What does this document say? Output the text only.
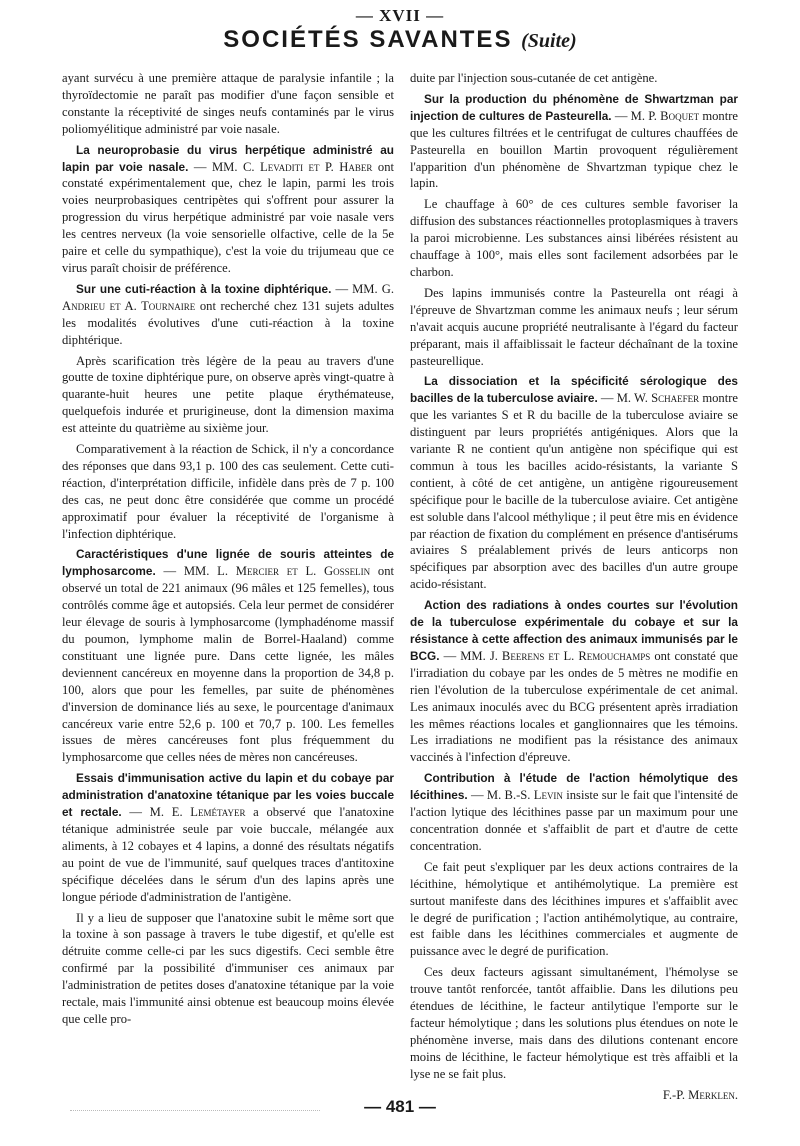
— XVII —
SOCIÉTÉS SAVANTES (Suite)

ayant survécu à une première attaque de paralysie infantile ; la thyroïdectomie ne paraît pas modifier d'une façon sensible et constante la réceptivité de singes neufs contaminés par le virus poliomyélitique administré par voie nasale.

La neuroprobasie du virus herpétique administré au lapin par voie nasale. — MM. C. Levaditi et P. Haber ont constaté expérimentalement que, chez le lapin, parmi les trois voies neurprobasiques centripètes qui s'offrent pour assurer la progression du virus herpétique administré par voie nasale vers les centres nerveux (la voie sensorielle olfactive, celle de la 5e paire et celle du sympathique), c'est la voie du trijumeau que ce virus paraît choisir de préférence.

Sur une cuti-réaction à la toxine diphtérique. — MM. G. Andrieu et A. Tournaire ont recherché chez 131 sujets adultes les modalités évolutives d'une cuti-réaction à la toxine diphtérique.

Après scarification très légère de la peau au travers d'une goutte de toxine diphtérique pure, on observe après vingt-quatre à quarante-huit heures une petite plaque érythémateuse, quelquefois indurée et prurigineuse, dont la dimension maxima est atteinte du quatrième au sixième jour.

Comparativement à la réaction de Schick, il n'y a concordance des réponses que dans 93,1 p. 100 des cas seulement. Cette cuti-réaction, d'interprétation difficile, infidèle dans près de 7 p. 100 des cas, ne peut donc être considérée que comme un procédé approximatif pour évaluer la réceptivité de l'organisme à l'infection diphtérique.

Caractéristiques d'une lignée de souris atteintes de lymphosarcome. — MM. L. Mercier et L. Gosselin ont observé un total de 221 animaux (96 mâles et 125 femelles), tous contrôlés comme âge et autopsiés. Cela leur permet de considérer leur élevage de souris à lymphosarcome (lymphadénome massif du poumon, lymphome malin de Borrel-Haaland) comme constituant une lignée pure. Dans cette lignée, les mâles deviennent cancéreux en moyenne dans la proportion de 34,8 p. 100, alors que pour les femelles, par suite de phénomènes d'inversion de dominance liés au sexe, le pourcentage d'animaux cancéreux varie entre 52,6 p. 100 et 70,7 p. 100. Les femelles issues de mères cancéreuses font plus fréquemment du lymphosarcome que celles nées de mères non cancéreuses.

Essais d'immunisation active du lapin et du cobaye par administration d'anatoxine tétanique par les voies buccale et rectale. — M. E. Lemétayer a observé que l'anatoxine tétanique administrée seule par voie buccale, mélangée aux aliments, à 12 cobayes et 4 lapins, a donné des résultats négatifs au point de vue de l'immunité, sauf quelques traces d'antitoxine spécifique décelées dans le sérum d'un des lapins après une longue période d'administration de l'antigène.

Il y a lieu de supposer que l'anatoxine subit le même sort que la toxine à son passage à travers le tube digestif, et qu'elle est détruite comme celle-ci par les sucs digestifs. Ceci semble être confirmé par la possibilité d'immuniser ces animaux par l'administration de petites doses d'anatoxine tétanique par la voie rectale, mais l'immunité ainsi obtenue est beaucoup moins élevée que celle pro-

duite par l'injection sous-cutanée de cet antigène.

Sur la production du phénomène de Shwartzman par injection de cultures de Pasteurella. — M. P. Boquet montre que les cultures filtrées et le centrifugat de cultures chauffées de Pasteurella en bouillon Martin provoquent régulièrement l'apparition d'un phénomène de Shvartzman typique chez le lapin.

Le chauffage à 60° de ces cultures semble favoriser la diffusion des substances réactionnelles protoplasmiques à travers la paroi microbienne. Les substances ainsi libérées résistent au chauffage à 100°, mais elles sont facilement adsorbées par le charbon.

Des lapins immunisés contre la Pasteurella ont réagi à l'épreuve de Shvartzman comme les animaux neufs ; leur sérum n'avait acquis aucune propriété neutralisante à l'égard du facteur préparant, mais il affaiblissait le facteur déchaînant de la toxine pasteurellique.

La dissociation et la spécificité sérologique des bacilles de la tuberculose aviaire. — M. W. Schaefer montre que les variantes S et R du bacille de la tuberculose aviaire se distinguent par leurs propriétés antigéniques. Alors que la variante R ne contient qu'un antigène non spécifique qui est commun à tous les bacilles acido-résistants, la variante S contient, à côté de cet antigène, un antigène rigoureusement spécifique pour le bacille de la tuberculose aviaire. Cet antigène est soluble dans l'alcool méthylique ; il peut être mis en évidence par réaction de fixation du complément en présence d'antisérums aviaires S préalablement privés de leurs anticorps non spécifiques par absorption avec des bacilles d'un autre groupe acido-résistant.

Action des radiations à ondes courtes sur l'évolution de la tuberculose expérimentale du cobaye et sur la résistance à cette affection des animaux immunisés par le BCG. — MM. J. Beerens et L. Remouchamps ont constaté que l'irradiation du cobaye par les ondes de 5 mètres ne modifie en rien l'évolution de la tuberculose expérimentale de cet animal. Les animaux inoculés avec du BCG présentent après irradiation les mêmes réactions locales et ganglionnaires que les témoins. Les irradiations ne modifient pas la résistance des animaux vaccinés à l'infection d'épreuve.

Contribution à l'étude de l'action hémolytique des lécithines. — M. B.-S. Levin insiste sur le fait que l'intensité de l'action lytique des lécithines passe par un maximum pour une concentration donnée et s'affaiblit de part et d'autre de cette concentration.

Ce fait peut s'expliquer par les deux actions contraires de la lécithine, hémolytique et antihémolytique. La première est surtout manifeste dans des lécithines impures et s'affaiblit avec le degré de purification ; l'action antihémolytique, au contraire, est faible dans les lécithines commerciales et augmente de puissance avec le degré de purification.

Ces deux facteurs agissant simultanément, l'hémolyse se trouve tantôt renforcée, tantôt affaiblie. Dans les dilutions peu étendues de lécithine, le facteur antilytique l'emporte sur le facteur hémolytique ; dans les solutions plus étendues on note le phénomène inverse, mais dans des dilutions contenant encore moins de lécithine, le facteur hémolytique est très affaibli et la lyse ne se fait plus.

F.-P. Merklen.
— 481 —
